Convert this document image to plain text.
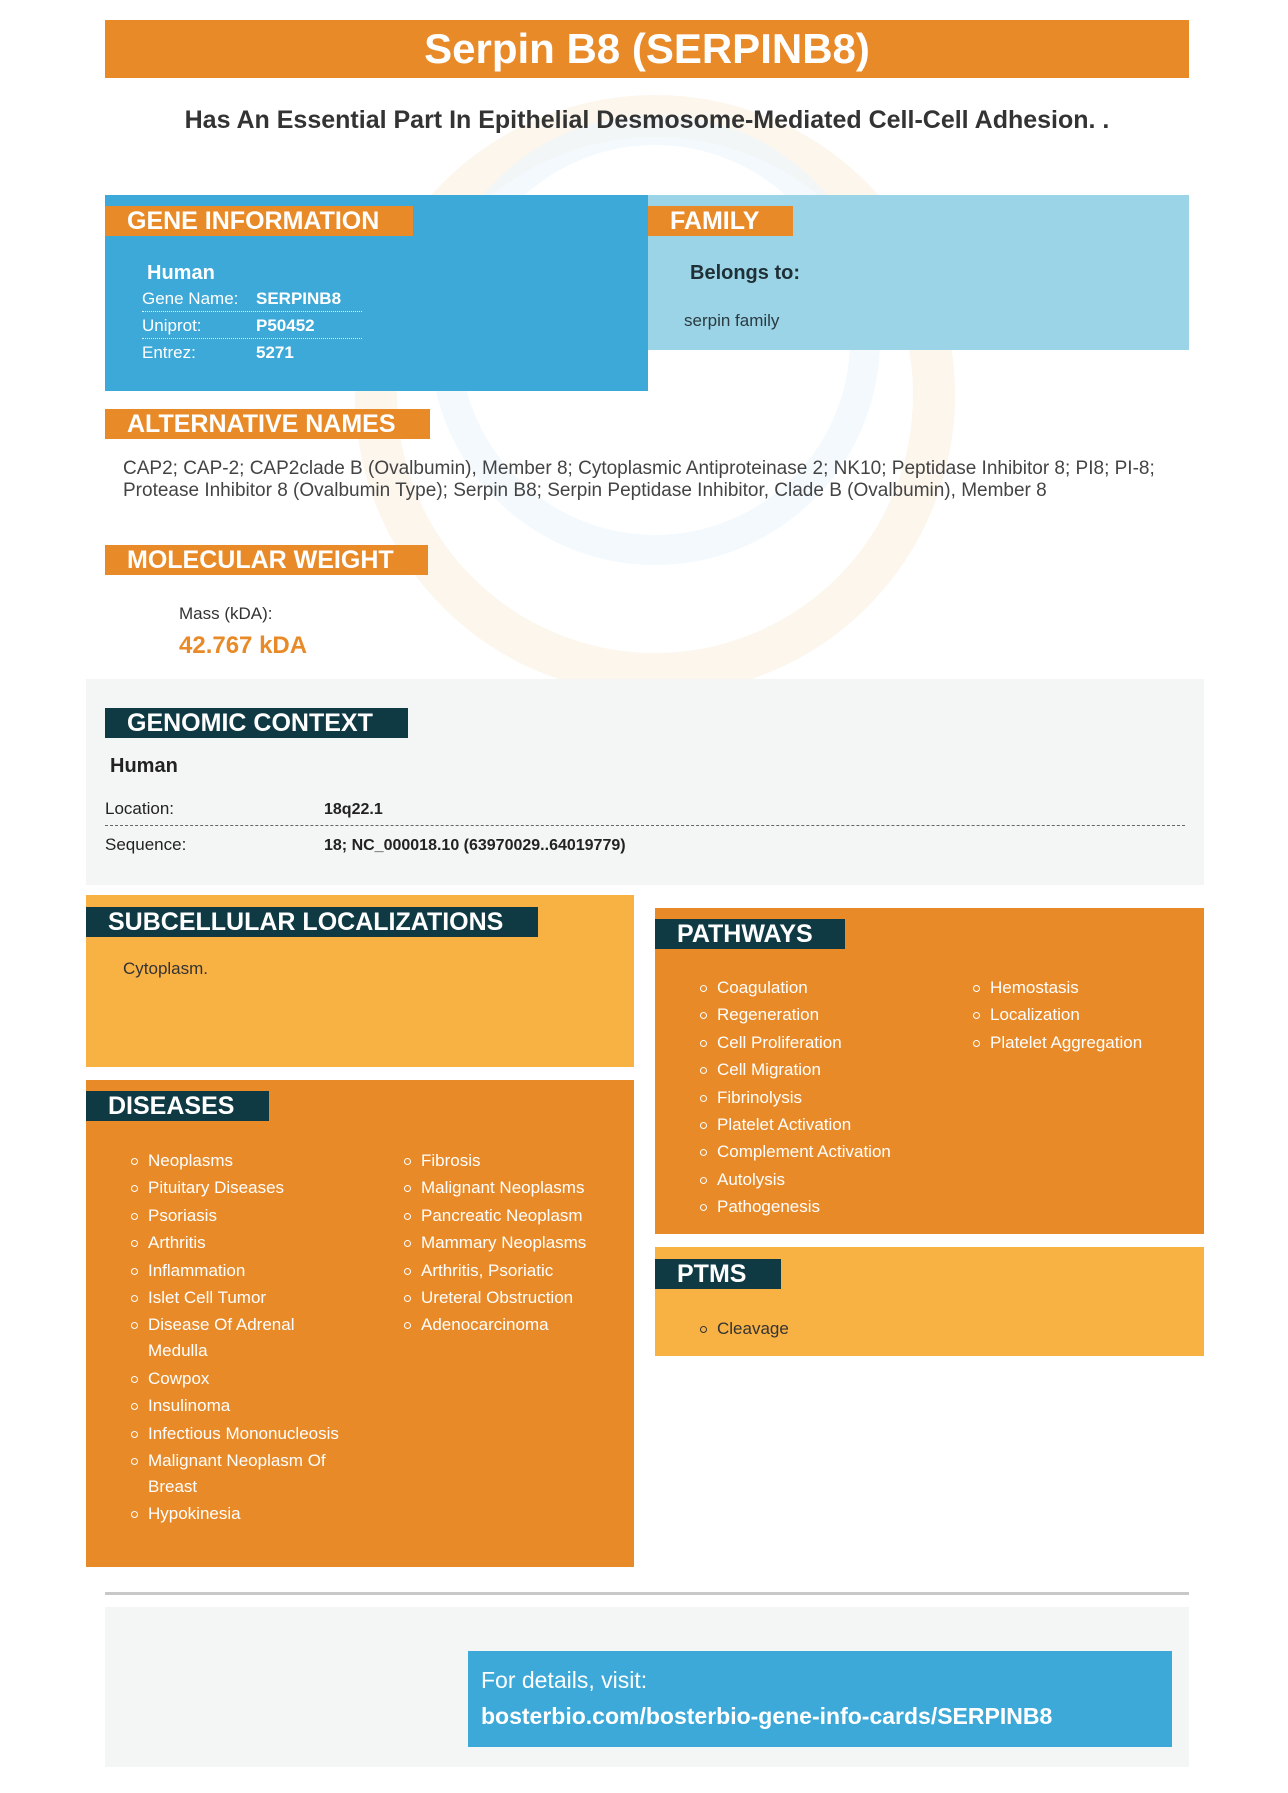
Serpin B8 (SERPINB8)
Has An Essential Part In Epithelial Desmosome-Mediated Cell-Cell Adhesion. .
GENE INFORMATION
Human
Gene Name: SERPINB8
Uniprot:	P50452
Entrez:	5271
FAMILY
Belongs to:
serpin family
ALTERNATIVE NAMES
CAP2; CAP-2; CAP2clade B (Ovalbumin), Member 8; Cytoplasmic Antiproteinase 2; NK10; Peptidase Inhibitor 8; PI8; PI-8; Protease Inhibitor 8 (Ovalbumin Type); Serpin B8; Serpin Peptidase Inhibitor, Clade B (Ovalbumin), Member 8
MOLECULAR WEIGHT
Mass (kDA):
42.767 kDA
GENOMIC CONTEXT
Human
Location:	18q22.1
Sequence:	18; NC_000018.10 (63970029..64019779)
SUBCELLULAR LOCALIZATIONS
Cytoplasm.
DISEASES
Neoplasms
Pituitary Diseases
Psoriasis
Arthritis
Inflammation
Islet Cell Tumor
Disease Of Adrenal Medulla
Cowpox
Insulinoma
Infectious Mononucleosis
Malignant Neoplasm Of Breast
Hypokinesia
Fibrosis
Malignant Neoplasms
Pancreatic Neoplasm
Mammary Neoplasms
Arthritis, Psoriatic
Ureteral Obstruction
Adenocarcinoma
PATHWAYS
Coagulation
Regeneration
Cell Proliferation
Cell Migration
Fibrinolysis
Platelet Activation
Complement Activation
Autolysis
Pathogenesis
Hemostasis
Localization
Platelet Aggregation
PTMS
Cleavage
For details, visit:
bosterbio.com/bosterbio-gene-info-cards/SERPINB8
